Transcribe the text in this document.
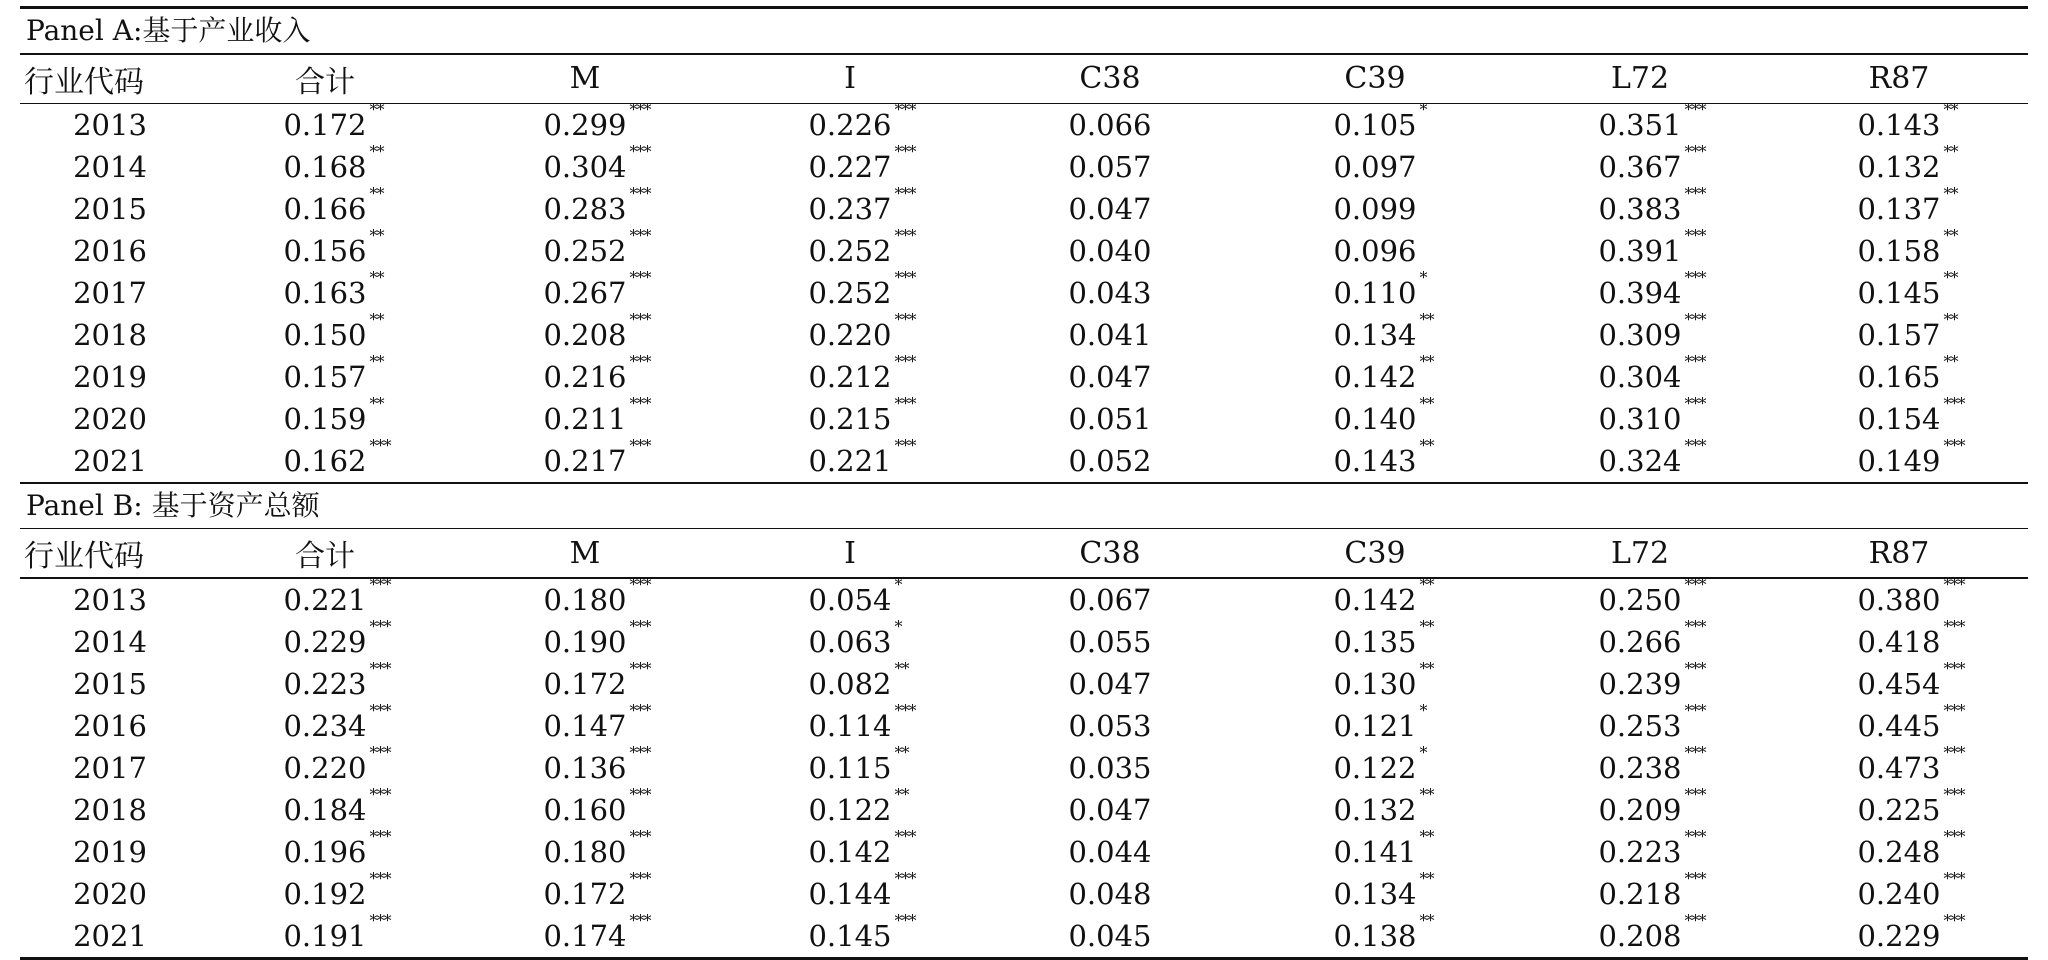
Panel A:基于产业收入
行业代码	合计	M	I	C38	C39	L72	R87
2013	0.172 **	0.299 ***	0.226 ***	0.066	0.105 *	0.351 ***	0.143 **
2014	0.168 **	0.304 ***	0.227 ***	0.057	0.097	0.367 ***	0.132 **
2015	0.166 **	0.283 ***	0.237 ***	0.047	0.099	0.383 ***	0.137 **
2016	0.156 **	0.252 ***	0.252 ***	0.040	0.096	0.391 ***	0.158 **
2017	0.163 **	0.267 ***	0.252 ***	0.043	0.110 *	0.394 ***	0.145 **
2018	0.150 **	0.208 ***	0.220 ***	0.041	0.134 **	0.309 ***	0.157 **
2019	0.157 **	0.216 ***	0.212 ***	0.047	0.142 **	0.304 ***	0.165 **
2020	0.159 **	0.211 ***	0.215 ***	0.051	0.140 **	0.310 ***	0.154 ***
2021	0.162 ***	0.217 ***	0.221 ***	0.052	0.143 **	0.324 ***	0.149 ***
Panel B: 基于资产总额
行业代码	合计	M	I	C38	C39	L72	R87
2013	0.221 ***	0.180 ***	0.054 *	0.067	0.142 **	0.250 ***	0.380 ***
2014	0.229 ***	0.190 ***	0.063 *	0.055	0.135 **	0.266 ***	0.418 ***
2015	0.223 ***	0.172 ***	0.082 **	0.047	0.130 **	0.239 ***	0.454 ***
2016	0.234 ***	0.147 ***	0.114 ***	0.053	0.121 *	0.253 ***	0.445 ***
2017	0.220 ***	0.136 ***	0.115 **	0.035	0.122 *	0.238 ***	0.473 ***
2018	0.184 ***	0.160 ***	0.122 **	0.047	0.132 **	0.209 ***	0.225 ***
2019	0.196 ***	0.180 ***	0.142 ***	0.044	0.141 **	0.223 ***	0.248 ***
2020	0.192 ***	0.172 ***	0.144 ***	0.048	0.134 **	0.218 ***	0.240 ***
2021	0.191 ***	0.174 ***	0.145 ***	0.045	0.138 **	0.208 ***	0.229 ***
